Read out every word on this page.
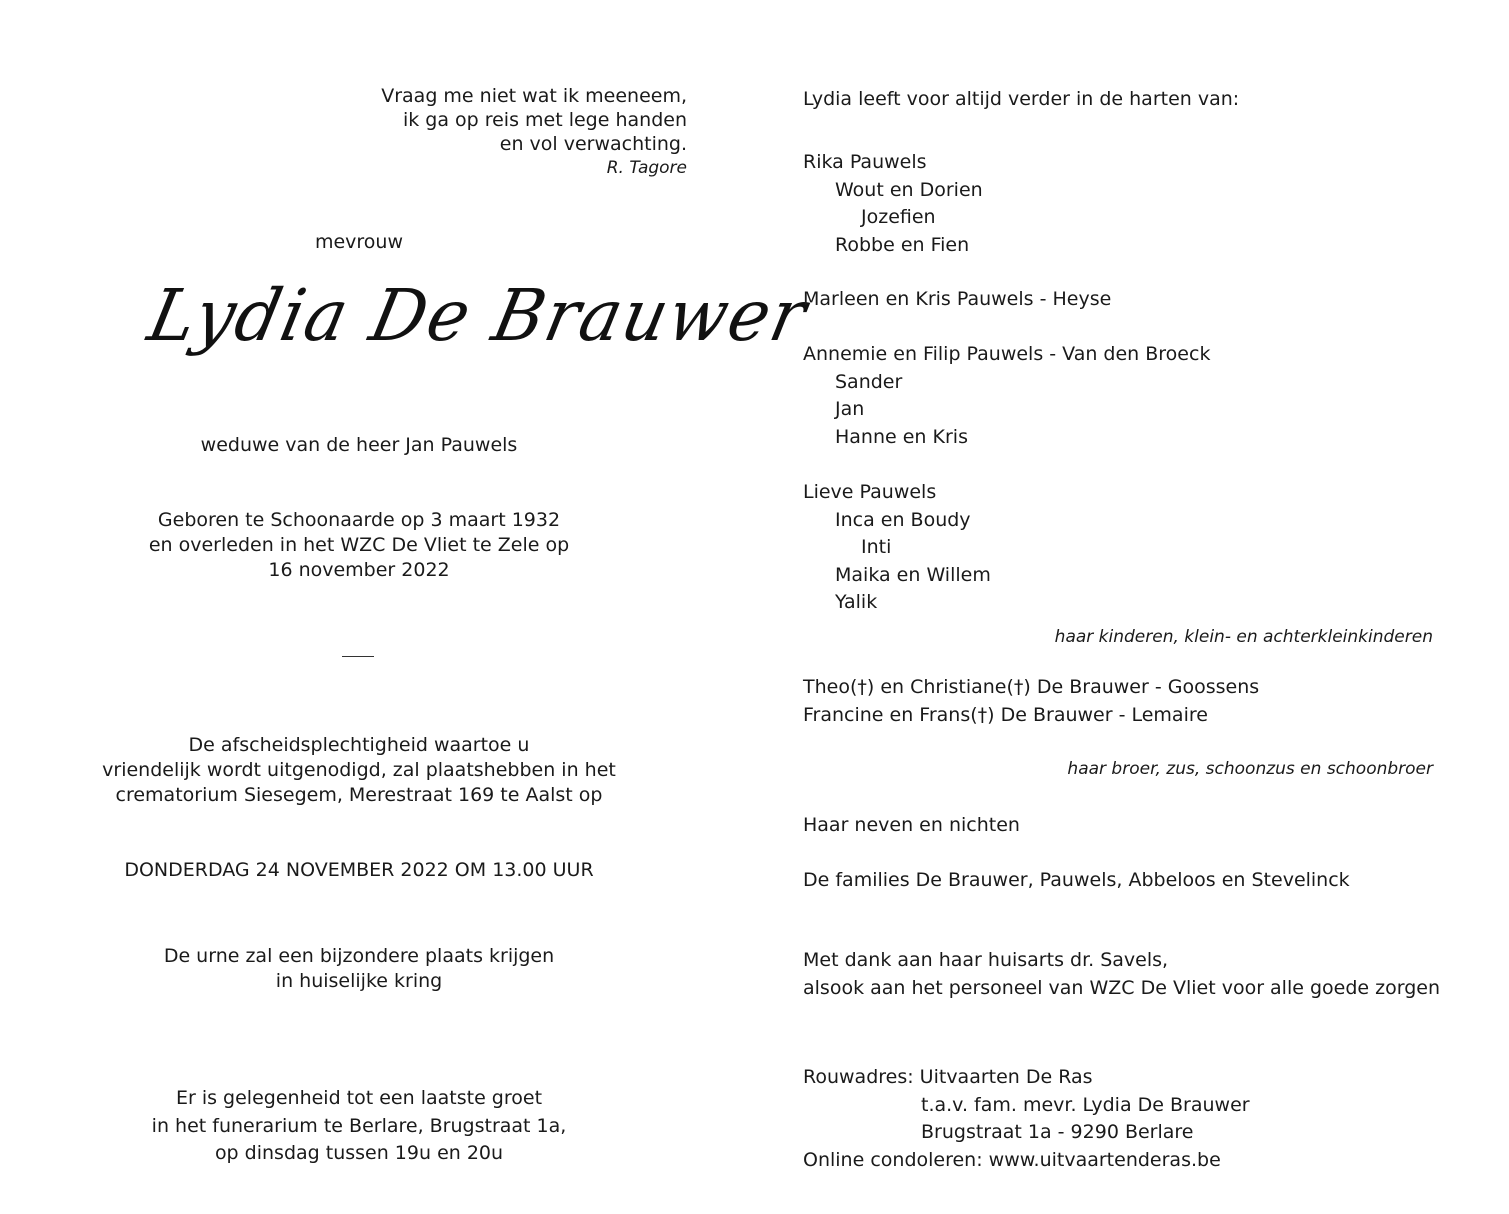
Vraag me niet wat ik meeneem,
ik ga op reis met lege handen
en vol verwachting.
R. Tagore
mevrouw
Lydia De Brauwer
weduwe van de heer Jan Pauwels
Geboren te Schoonaarde op 3 maart 1932
en overleden in het WZC De Vliet te Zele op
16 november 2022
De afscheidsplechtigheid waartoe u
vriendelijk wordt uitgenodigd, zal plaatshebben in het
crematorium Siesegem, Merestraat 169 te Aalst op
DONDERDAG 24 NOVEMBER 2022 OM 13.00 UUR
De urne zal een bijzondere plaats krijgen
in huiselijke kring
Er is gelegenheid tot een laatste groet
in het funerarium te Berlare, Brugstraat 1a,
op dinsdag tussen 19u en 20u
Lydia leeft voor altijd verder in de harten van:
Rika Pauwels
Wout en Dorien
Jozefien
Robbe en Fien
Marleen en Kris Pauwels - Heyse
Annemie en Filip Pauwels - Van den Broeck
Sander
Jan
Hanne en Kris
Lieve Pauwels
Inca en Boudy
Inti
Maika en Willem
Yalik
haar kinderen, klein- en achterkleinkinderen
Theo(†) en Christiane(†) De Brauwer - Goossens
Francine en Frans(†) De Brauwer - Lemaire
haar broer, zus, schoonzus en schoonbroer
Haar neven en nichten
De families De Brauwer, Pauwels, Abbeloos en Stevelinck
Met dank aan haar huisarts dr. Savels,
alsook aan het personeel van WZC De Vliet voor alle goede zorgen
Rouwadres: Uitvaarten De Ras
t.a.v. fam. mevr. Lydia De Brauwer
Brugstraat 1a - 9290 Berlare
Online condoleren: www.uitvaartenderas.be
